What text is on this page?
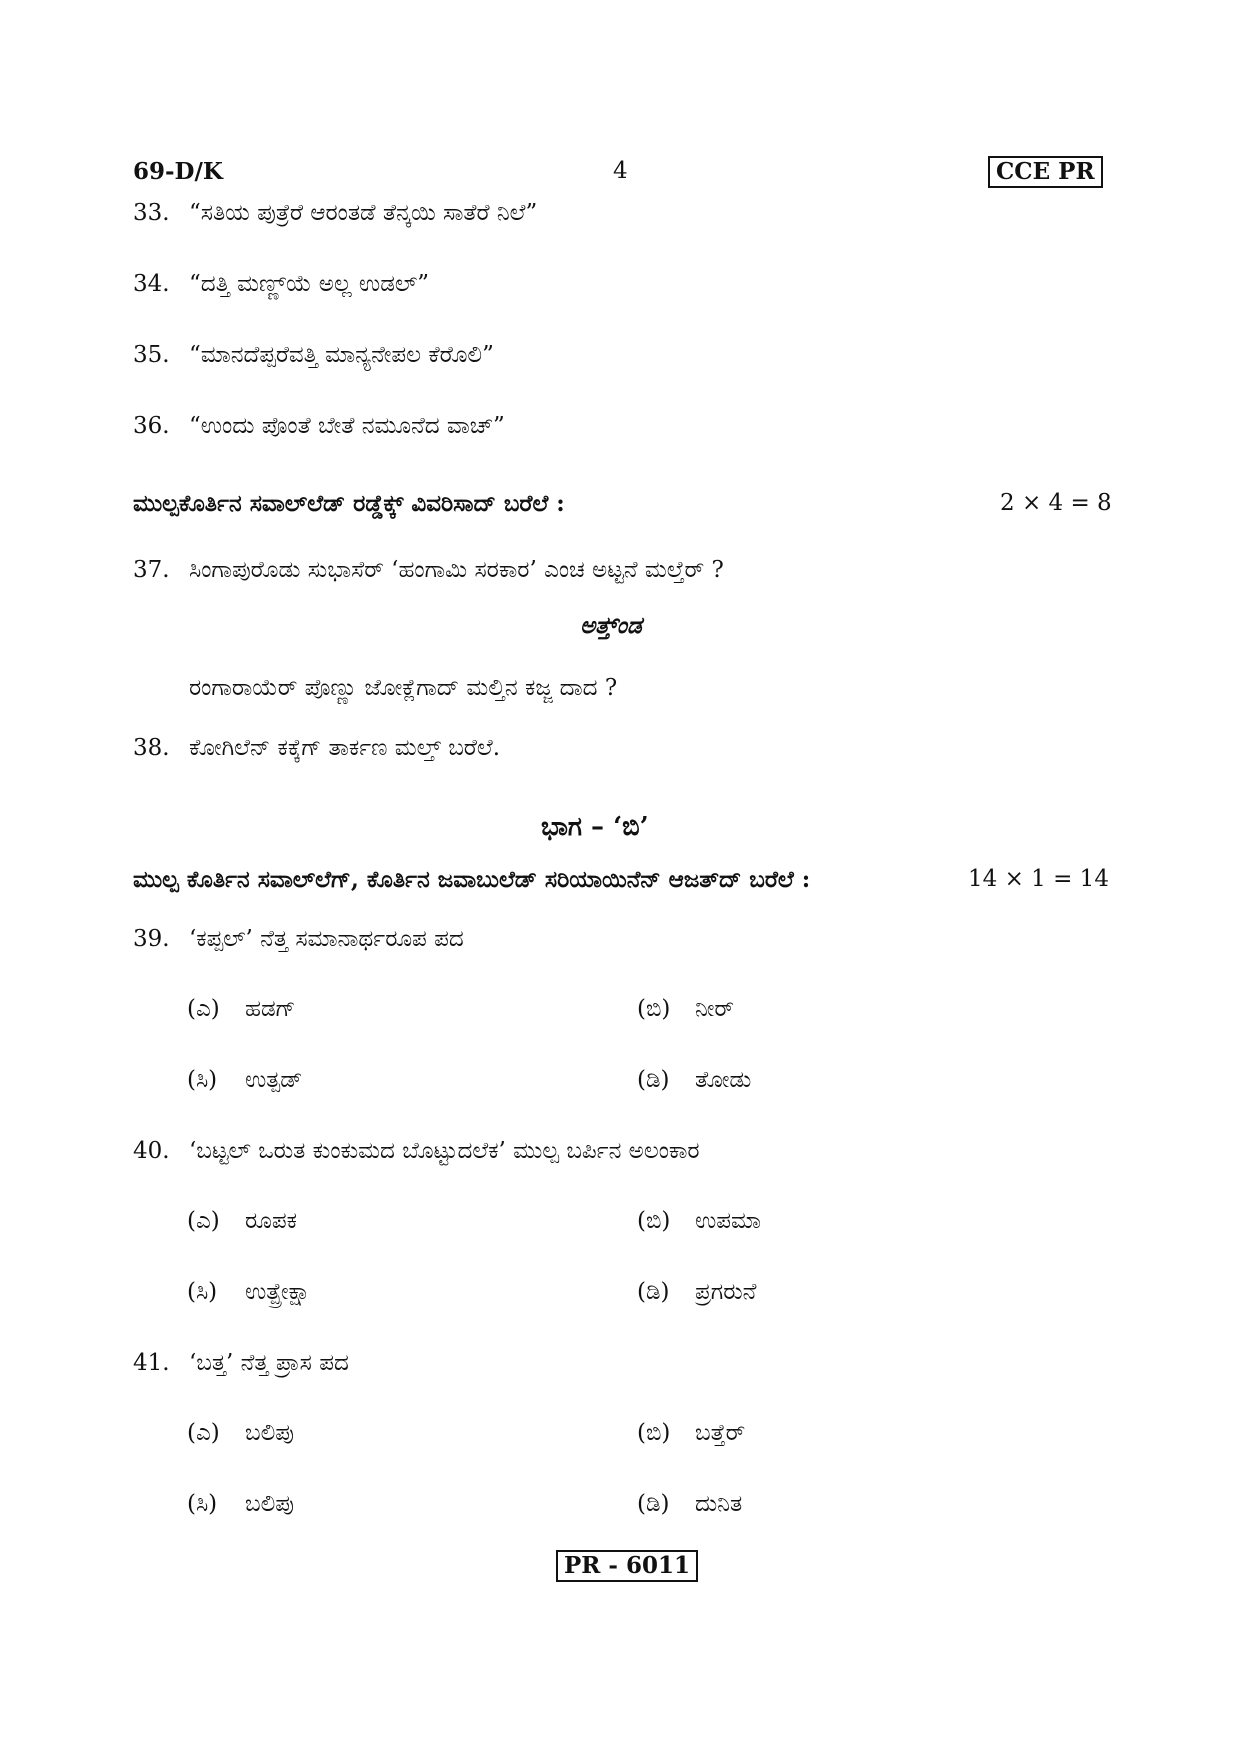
69-D/K	4	CCE PR
33. “ಸತಿಯ ಪುತ್ರೆರೆ ಆರಂತಡೆ ತೆನ್ಕಯಿ ಸಾತೆರೆ ನಿಲೆ”
34. “ದತ್ತಿ ಮಣ್ಣ್‌ಯೆ ಅಲ್ಲ ಉಡಲ್”
35. “ಮಾನದೆಪ್ಪರೆವತ್ತಿ ಮಾನ್ಯನೇಪಲ ಕೆರೊಲಿ”
36. “ಉಂದು ಪೊಂತೆ ಬೇತೆ ನಮೂನೆದ ವಾಚ್”
ಮುಲ್ಪಕೊರ್ತಿನ ಸವಾಲ್‌ಲೆಡ್ ರಡ್ಡೆಕ್ಕ್ ವಿವರಿಸಾದ್ ಬರೆಲೆ :	2 × 4 = 8
37. ಸಿಂಗಾಪುರೊಡು ಸುಭಾಸೆರ್ ‘ಹಂಗಾಮಿ ಸರಕಾರ’ ಎಂಚ ಅಟ್ಟನೆ ಮಲ್ತೆರ್ ?
ಅತ್ತ್‌ಂಡ
ರಂಗಾರಾಯೆರ್ ಪೊಣ್ಣು ಜೋಕ್ಲೆಗಾದ್ ಮಲ್ತಿನ ಕಜ್ಜ ದಾದ ?
38. ಕೋಗಿಲೆನ್ ಕಕ್ಕೆಗ್ ತಾರ್ಕಣ ಮಲ್ತ್ ಬರೆಲೆ.
ಭಾಗ – ‘ಬಿ’
ಮುಲ್ಪ ಕೊರ್ತಿನ ಸವಾಲ್‌ಲೆಗ್, ಕೊರ್ತಿನ ಜವಾಬುಲೆಡ್ ಸರಿಯಾಯಿನೆನ್ ಆಜತ್‌ದ್ ಬರೆಲೆ :	14 × 1 = 14
39. ‘ಕಪ್ಪಲ್’ ನೆತ್ತ ಸಮಾನಾರ್ಥರೂಪ ಪದ
(ಎ) ಹಡಗ್	(ಬಿ) ನೀರ್
(ಸಿ) ಉತ್ಪಡ್	(ಡಿ) ತೋಡು
40. ‘ಬಟ್ಟಲ್ ಒರುತ ಕುಂಕುಮದ ಬೊಟ್ಟುದಲೆಕ’ ಮುಲ್ಪ ಬರ್ಪಿನ ಅಲಂಕಾರ
(ಎ) ರೂಪಕ	(ಬಿ) ಉಪಮಾ
(ಸಿ) ಉತ್ಪ್ರೇಕ್ಷಾ	(ಡಿ) ಪ್ರಗರುನೆ
41. ‘ಬತ್ತ’ ನೆತ್ತ ಪ್ರಾಸ ಪದ
(ಎ) ಬಲಿಪು	(ಬಿ) ಬತ್ತೆರ್
(ಸಿ) ಬಲಿಪು	(ಡಿ) ದುನಿತ
PR - 6011
